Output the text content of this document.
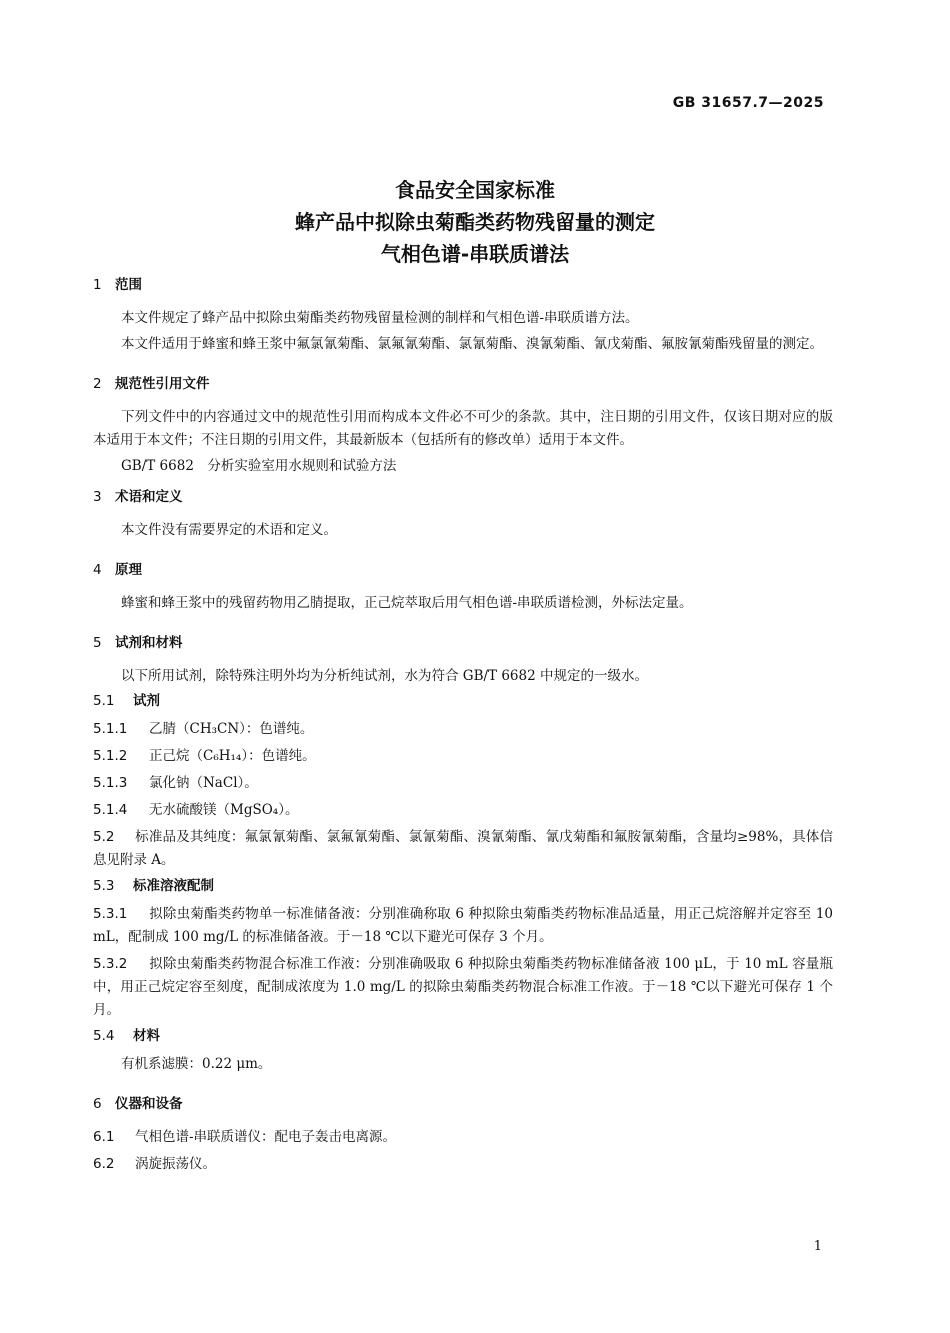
GB 31657.7—2025
食品安全国家标准
蜂产品中拟除虫菊酯类药物残留量的测定
气相色谱-串联质谱法
1 范围
本文件规定了蜂产品中拟除虫菊酯类药物残留量检测的制样和气相色谱-串联质谱方法。
本文件适用于蜂蜜和蜂王浆中氟氯氰菊酯、氯氟氰菊酯、氯氰菊酯、溴氰菊酯、氰戊菊酯、氟胺氰菊酯残留量的测定。
2 规范性引用文件
下列文件中的内容通过文中的规范性引用而构成本文件必不可少的条款。其中，注日期的引用文件，仅该日期对应的版本适用于本文件；不注日期的引用文件，其最新版本（包括所有的修改单）适用于本文件。
GB/T 6682　分析实验室用水规则和试验方法
3 术语和定义
本文件没有需要界定的术语和定义。
4 原理
蜂蜜和蜂王浆中的残留药物用乙腈提取，正己烷萃取后用气相色谱-串联质谱检测，外标法定量。
5 试剂和材料
以下所用试剂，除特殊注明外均为分析纯试剂，水为符合 GB/T 6682 中规定的一级水。
5.1 试剂
5.1.1 乙腈（CH₃CN）：色谱纯。
5.1.2 正己烷（C₆H₁₄）：色谱纯。
5.1.3 氯化钠（NaCl）。
5.1.4 无水硫酸镁（MgSO₄）。
5.2 标准品及其纯度：氟氯氰菊酯、氯氟氰菊酯、氯氰菊酯、溴氰菊酯、氰戊菊酯和氟胺氰菊酯，含量均≥98%，具体信息见附录 A。
5.3 标准溶液配制
5.3.1 拟除虫菊酯类药物单一标准储备液：分别准确称取 6 种拟除虫菊酯类药物标准品适量，用正己烷溶解并定容至 10 mL，配制成 100 mg/L 的标准储备液。于－18 ℃以下避光可保存 3 个月。
5.3.2 拟除虫菊酯类药物混合标准工作液：分别准确吸取 6 种拟除虫菊酯类药物标准储备液 100 μL，于 10 mL 容量瓶中，用正己烷定容至刻度，配制成浓度为 1.0 mg/L 的拟除虫菊酯类药物混合标准工作液。于－18 ℃以下避光可保存 1 个月。
5.4 材料
有机系滤膜：0.22 μm。
6 仪器和设备
6.1 气相色谱-串联质谱仪：配电子轰击电离源。
6.2 涡旋振荡仪。
1
